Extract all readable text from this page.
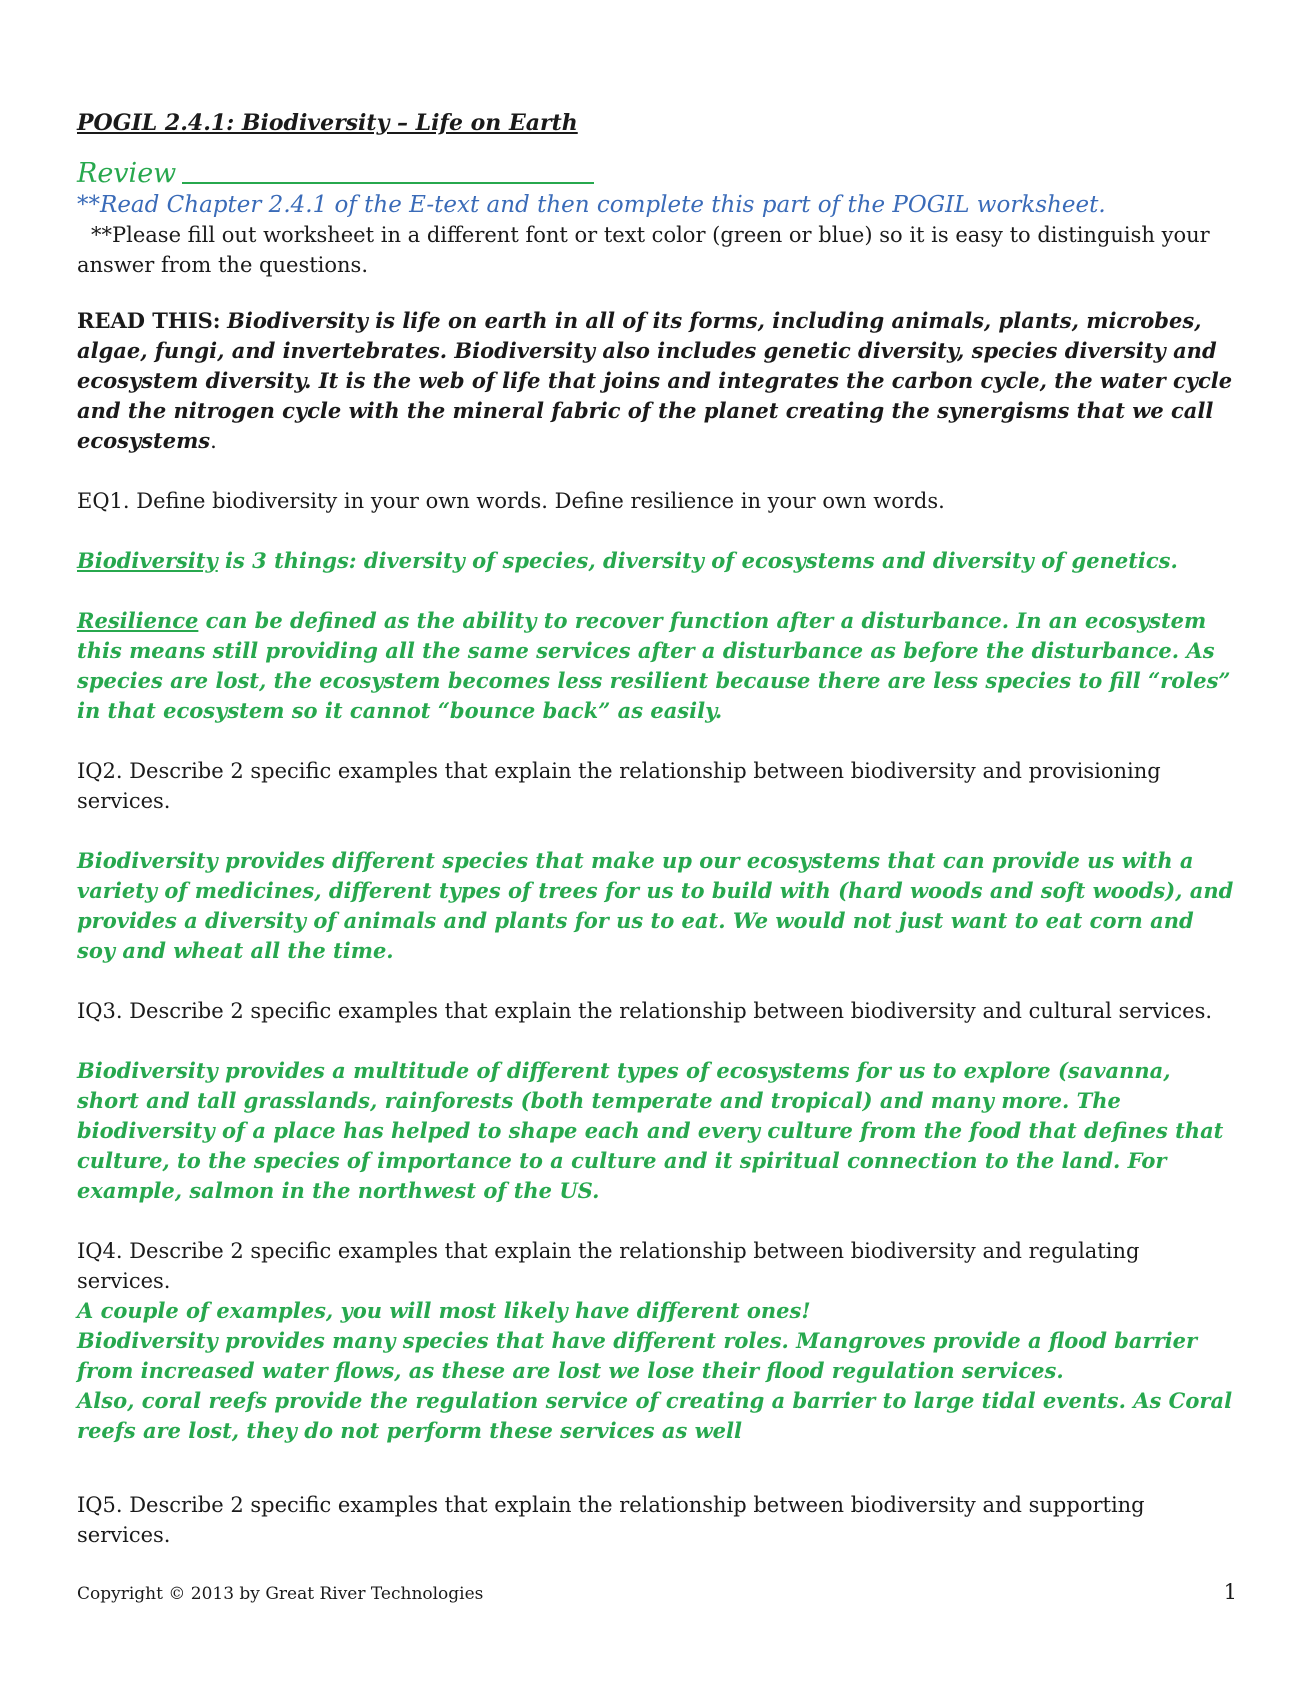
POGIL 2.4.1: Biodiversity – Life on Earth
Review

**Read Chapter 2.4.1 of the E-text and then complete this part of the POGIL worksheet.

**Please fill out worksheet in a different font or text color (green or blue) so it is easy to distinguish your answer from the questions.

READ THIS: Biodiversity is life on earth in all of its forms, including animals, plants, microbes, algae, fungi, and invertebrates. Biodiversity also includes genetic diversity, species diversity and ecosystem diversity. It is the web of life that joins and integrates the carbon cycle, the water cycle and the nitrogen cycle with the mineral fabric of the planet creating the synergisms that we call ecosystems.

EQ1. Define biodiversity in your own words. Define resilience in your own words.

Biodiversity is 3 things: diversity of species, diversity of ecosystems and diversity of genetics.

Resilience can be defined as the ability to recover function after a disturbance. In an ecosystem this means still providing all the same services after a disturbance as before the disturbance. As species are lost, the ecosystem becomes less resilient because there are less species to fill “roles” in that ecosystem so it cannot “bounce back” as easily.

IQ2. Describe 2 specific examples that explain the relationship between biodiversity and provisioning services.

Biodiversity provides different species that make up our ecosystems that can provide us with a variety of medicines, different types of trees for us to build with (hard woods and soft woods), and provides a diversity of animals and plants for us to eat. We would not just want to eat corn and soy and wheat all the time.

IQ3. Describe 2 specific examples that explain the relationship between biodiversity and cultural services.

Biodiversity provides a multitude of different types of ecosystems for us to explore (savanna, short and tall grasslands, rainforests (both temperate and tropical) and many more. The biodiversity of a place has helped to shape each and every culture from the food that defines that culture, to the species of importance to a culture and it spiritual connection to the land. For example, salmon in the northwest of the US.

IQ4. Describe 2 specific examples that explain the relationship between biodiversity and regulating services.

A couple of examples, you will most likely have different ones!

Biodiversity provides many species that have different roles. Mangroves provide a flood barrier from increased water flows, as these are lost we lose their flood regulation services.

Also, coral reefs provide the regulation service of creating a barrier to large tidal events. As Coral reefs are lost, they do not perform these services as well

IQ5. Describe 2 specific examples that explain the relationship between biodiversity and supporting services.

Copyright © 2013 by Great River Technologies	1
